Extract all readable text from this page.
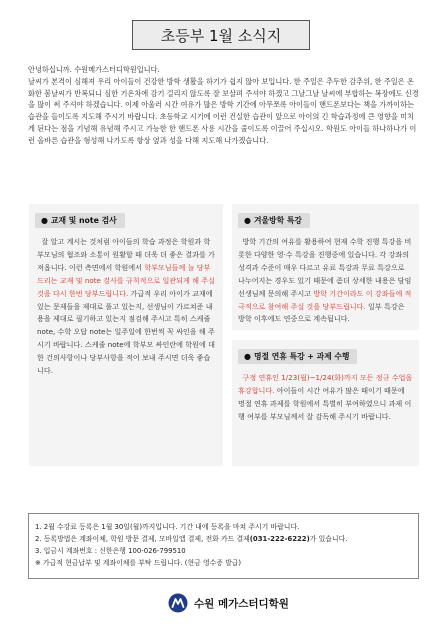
초등부 1월 소식지

안녕하십니까. 수원메가스터디학원입니다.

날씨가 본격이 심해져 우리 아이들이 건강한 방학 생활을 하기가 쉽지 않아 보입니다. 한 주일은 추두한 감추위, 한 주일은 온화한 봄날씨가 반복되니 심한 기온차에 감기 걸리지 않도록 잘 보살펴 주셔야 하겠고 그날그날 날씨에 부합하는 복장에도 신경을 많이 써 주셔야 하겠습니다. 이제 아울러 시간 여유가 많은 방학 기간에 아무쪼록 아이들이 핸드폰보다는 책을 가까이하는 습관을 들이도록 지도해 주시기 바랍니다. 초등학교 시기에 이런 건실한 습관이 앞으로 아이의 긴 학습과정에 큰 영향을 미치게 된다는 점을 기념해 유념해 주시고 가능한 한 핸드폰 사용 시간을 줄이도록 이끌어 주십시오. 학원도 아이들 하나하나가 이런 올바른 습관을 형성해 나가도록 항상 옆과 성을 다해 지도해 나가겠습니다.

● 교재 및 note 검사
잘 알고 계시는 것처럼 아이들의 학습 과정은 학원과 학부모님의 협조와 소통이 원활할 때 더욱 더 좋은 결과를 가져옵니다. 이런 측면에서 학원에서 학부모님들께 늘 당부드리는 교재 및 note 검사를 규칙적으로 일관되게 해 주실 것을 다시 한번 당부드립니다. 가급적 우리 아이가 교재에 있는 문제들을 제대로 풀고 있는지, 선생님이 가르쳐준 내용을 제대로 필기하고 있는지 점검해 주시고 특히 스케줄 note, 수학 오답 note는 일주일에 한번씩 꼭 싸인을 해 주시기 바랍니다. 스케줄 note에 학부모 싸인란에 학원에 대한 건의사항이나 당부사항을 적어 보내 주시면 더욱 좋습니다.
● 겨울방학 특강
방학 기간의 여유를 활용하여 현재 수학 진행 특강을 비롯한 다양한 영·수 특강을 진행중에 있습니다. 각 강좌의 성격과 수준이 매우 다르고 유료 특강과 무료 특강으로 나누어지는 경우도 있기 때문에 좀더 상세한 내용은 담임 선생님께 문의해 주시고 방학 기간이라도 이 강좌들에 적극적으로 참여해 주실 것을 당부드립니다. 일부 특강은 방학 이후에도 연중으로 계속됩니다.
● 명절 연휴 특강 + 과제 수행
구정 연휴인 1/23(월)~1/24(화)까지 모든 정규 수업을 휴강합니다. 아이들이 시간 여유가 많은 때이기 때문에 명절 연휴 과제를 학원에서 특별히 부여하였으니 과제 이행 여부를 부모님께서 잘 감독해 주시기 바랍니다.
1. 2월 수강료 등록은 1월 30일(월)까지입니다. 기간 내에 등록을 마쳐 주시기 바랍니다.
2. 등록방법은 계좌이체, 학원 방문 결제, 모바일앱 결제, 전화 카드 결제(031-222-6222)가 있습니다.
3. 입금시 계좌번호 : 신한은행 100-026-799510
※ 가급적 현금납부 및 계좌이체를 부탁 드립니다. (현금 영수증 발급)
수원 메가스터디학원
